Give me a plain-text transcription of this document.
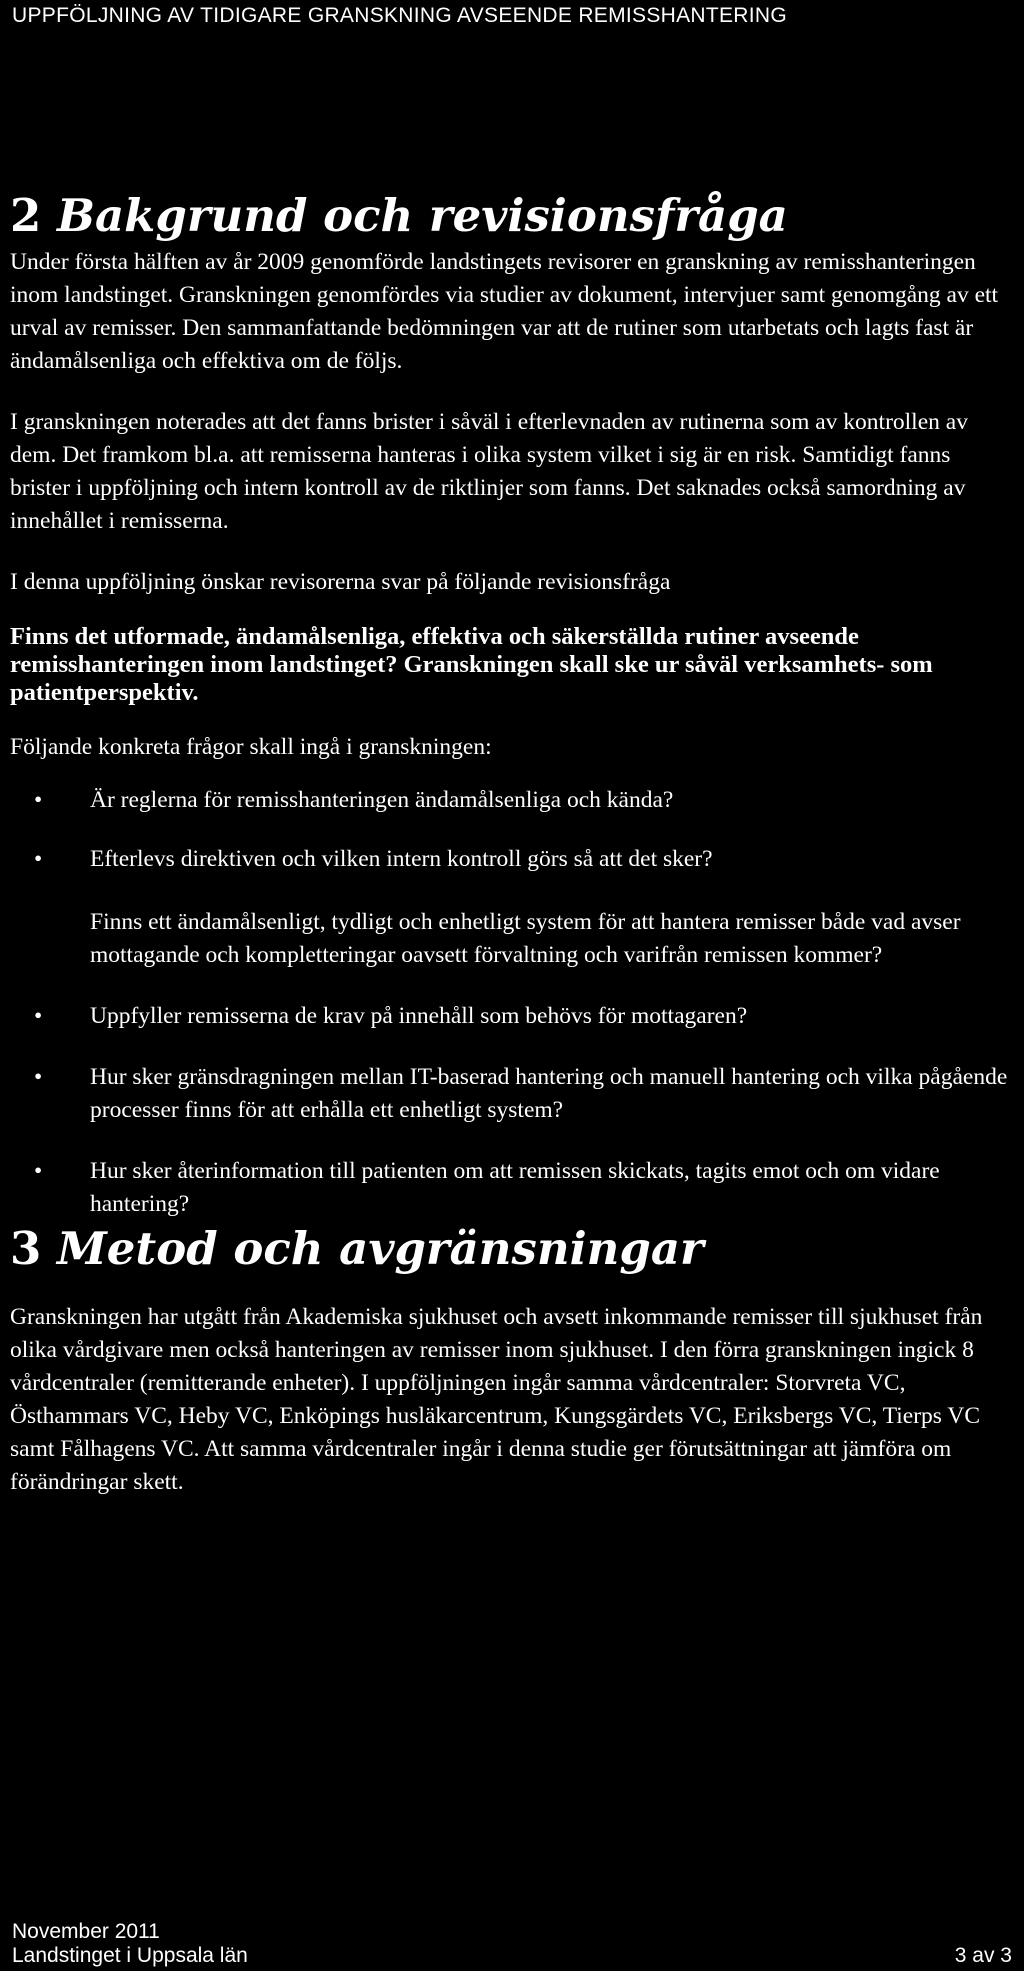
UPPFÖLJNING AV TIDIGARE GRANSKNING AVSEENDE REMISSHANTERING
2 Bakgrund och revisionsfråga

Under första hälften av år 2009 genomförde landstingets revisorer en granskning av remisshanteringen inom landstinget. Granskningen genomfördes via studier av dokument, intervjuer samt genomgång av ett urval av remisser. Den sammanfattande bedömningen var att de rutiner som utarbetats och lagts fast är ändamålsenliga och effektiva om de följs.

I granskningen noterades att det fanns brister i såväl i efterlevnaden av rutinerna som av kontrollen av dem. Det framkom bl.a. att remisserna hanteras i olika system vilket i sig är en risk. Samtidigt fanns brister i uppföljning och intern kontroll av de riktlinjer som fanns. Det saknades också samordning av innehållet i remisserna.

I denna uppföljning önskar revisorerna svar på följande revisionsfråga

Finns det utformade, ändamålsenliga, effektiva och säkerställda rutiner avseende remisshanteringen inom landstinget? Granskningen skall ske ur såväl verksamhets- som patientperspektiv.

Följande konkreta frågor skall ingå i granskningen:

• Är reglerna för remisshanteringen ändamålsenliga och kända?
• Efterlevs direktiven och vilken intern kontroll görs så att det sker?

Finns ett ändamålsenligt, tydligt och enhetligt system för att hantera remisser både vad avser mottagande och kompletteringar oavsett förvaltning och varifrån remissen kommer?

• Uppfyller remisserna de krav på innehåll som behövs för mottagaren?
• Hur sker gränsdragningen mellan IT-baserad hantering och manuell hantering och vilka pågående processer finns för att erhålla ett enhetligt system?
• Hur sker återinformation till patienten om att remissen skickats, tagits emot och om vidare hantering?
3 Metod och avgränsningar

Granskningen har utgått från Akademiska sjukhuset och avsett inkommande remisser till sjukhuset från olika vårdgivare men också hanteringen av remisser inom sjukhuset. I den förra granskningen ingick 8 vårdcentraler (remitterande enheter). I uppföljningen ingår samma vårdcentraler: Storvreta VC, Östhammars VC, Heby VC, Enköpings husläkarcentrum, Kungsgärdets VC, Eriksbergs VC, Tierps VC samt Fålhagens VC. Att samma vårdcentraler ingår i denna studie ger förutsättningar att jämföra om förändringar skett.

November 2011
Landstinget i Uppsala län	3 av 3
